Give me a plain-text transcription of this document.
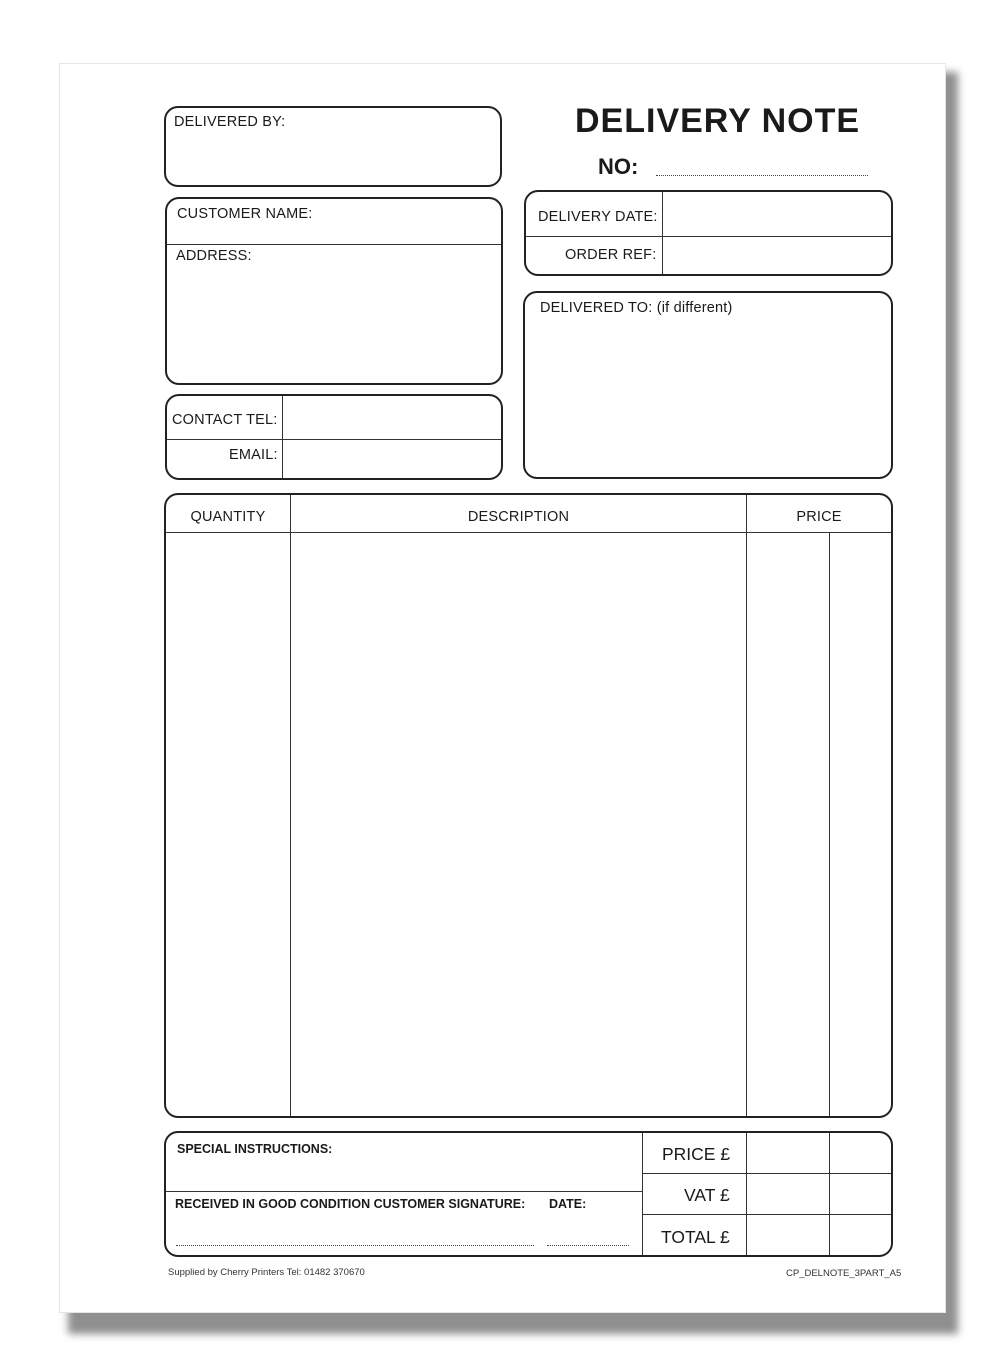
DELIVERY NOTE
NO:
DELIVERED BY:
CUSTOMER NAME:
ADDRESS:
CONTACT TEL:
EMAIL:
DELIVERY DATE:
ORDER REF:
DELIVERED TO: (if different)
QUANTITY	DESCRIPTION	PRICE
SPECIAL INSTRUCTIONS:
RECEIVED IN GOOD CONDITION CUSTOMER SIGNATURE: DATE:
PRICE £
VAT £
TOTAL £
Supplied by Cherry Printers Tel: 01482 370670	CP_DELNOTE_3PART_A5
